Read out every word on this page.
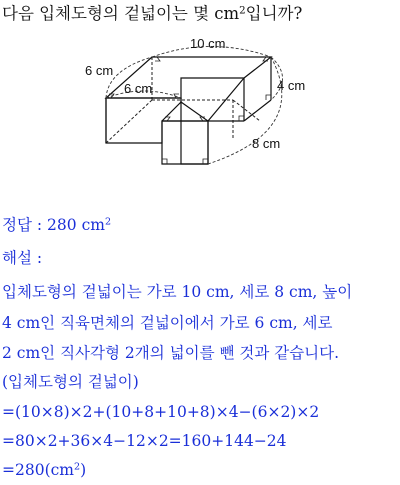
다음 입체도형의 겉넓이는 몇 $cm^2$입니까?
10 cm
6 cm
6 cm	4 cm
8 cm
정답 : 280 $cm^2$
해설 :
입체도형의 겉넓이는 가로 10 cm, 세로 8 cm, 높이
4 cm인 직육면체의 겉넓이에서 가로 6 cm, 세로
2 cm인 직사각형 2개의 넓이를 뺀 것과 같습니다.
(입체도형의 겉넓이)
=(10×8)×2+(10+8+10+8)×4−(6×2)×2
=80×2+36×4−12×2=160+144−24
$=280(cm^2)$
